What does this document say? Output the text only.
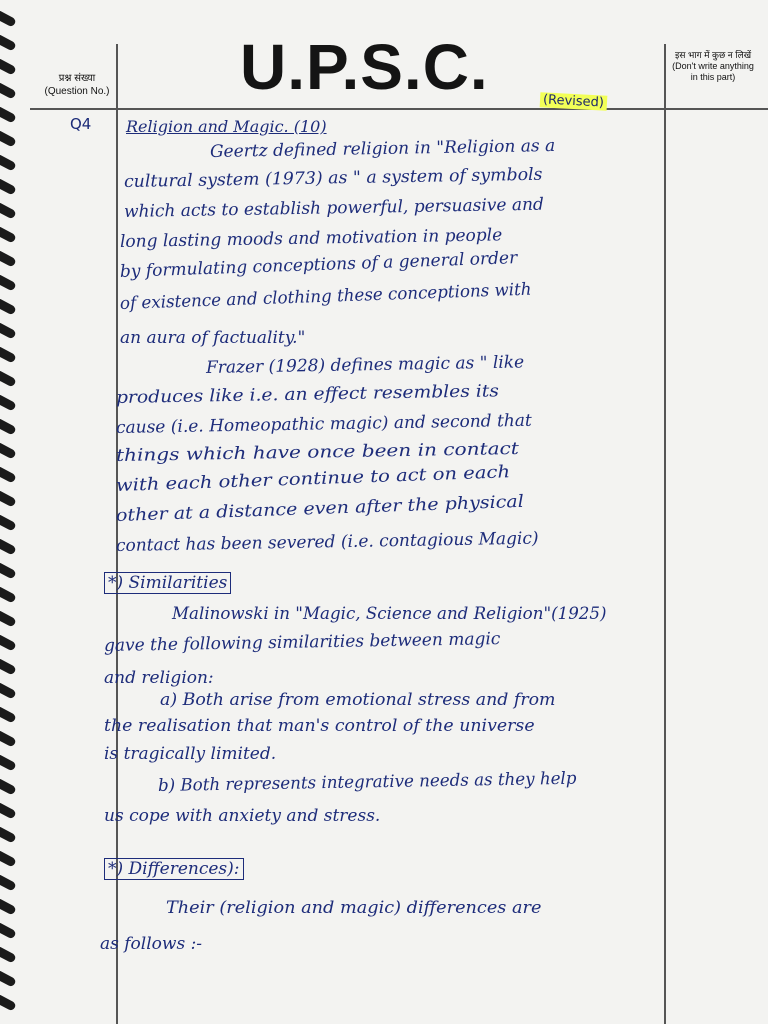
प्रश्न संख्या
(Question No.) U.P.S.C.	(Revised)
इस भाग में कुछ न लिखें
(Don't write anything
in this part)
Q4 Religion and Magic. (10)
Geertz defined religion in "Religion as a
cultural system (1973) as " a system of symbols
which acts to establish powerful, persuasive and
long lasting moods and motivation in people
by formulating conceptions of a general order
of existence and clothing these conceptions with
an aura of factuality."
Frazer (1928) defines magic as " like
produces like i.e. an effect resembles its
cause (i.e. Homeopathic magic) and second that
things which have once been in contact
with each other continue to act on each
other at a distance even after the physical
contact has been severed (i.e. contagious Magic)
*) Similarities
Malinowski in "Magic, Science and Religion"(1925)
gave the following similarities between magic
and religion:
a) Both arise from emotional stress and from
the realisation that man's control of the universe
is tragically limited.
b) Both represents integrative needs as they help
us cope with anxiety and stress.
*) Differences):
Their (religion and magic) differences are
as follows :-
